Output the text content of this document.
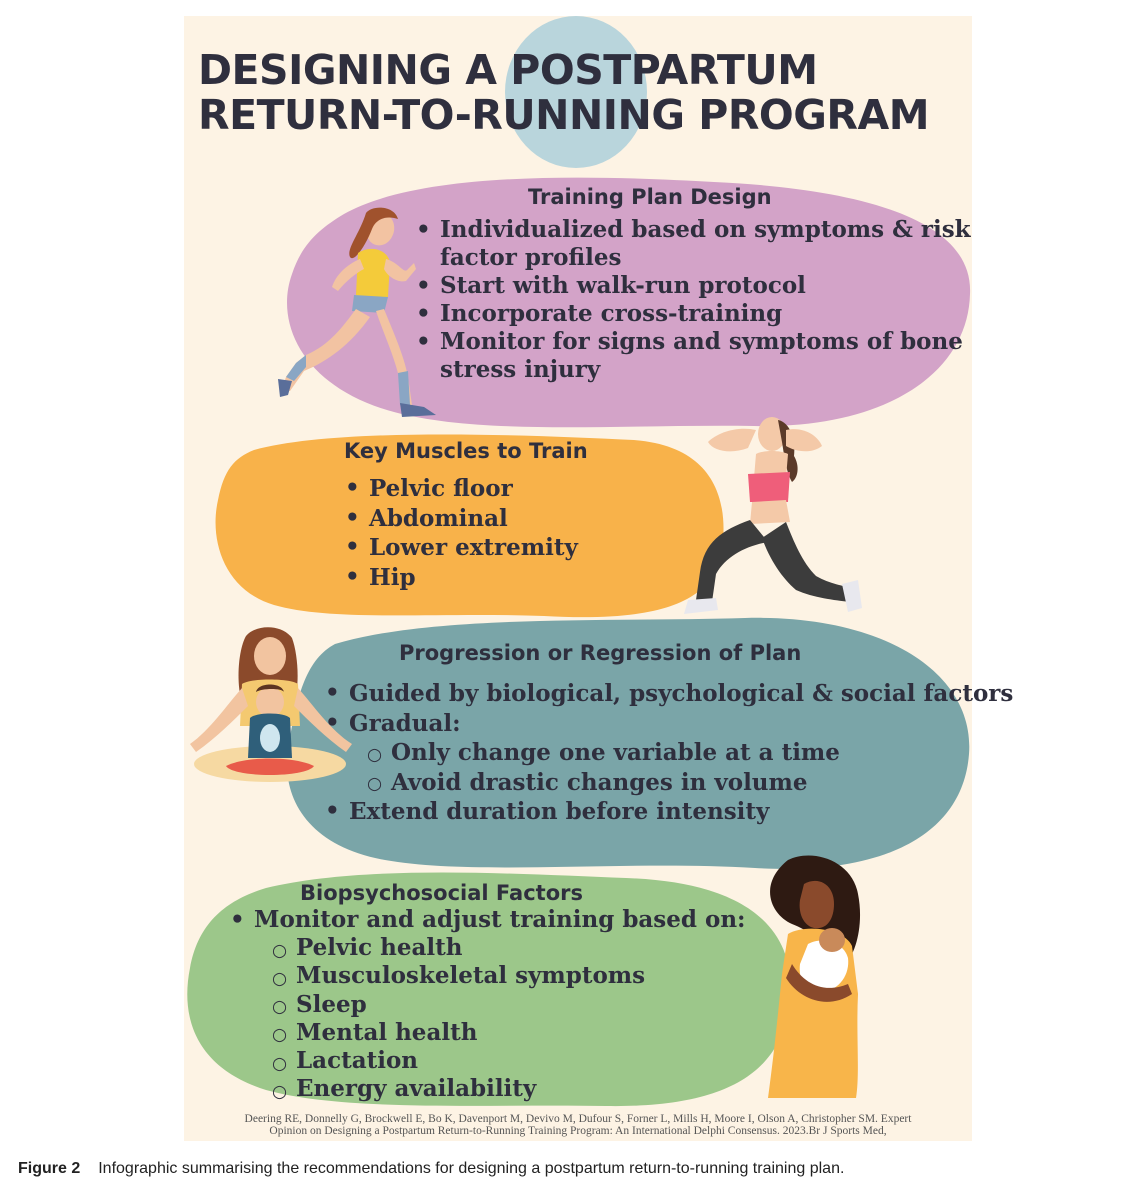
DESIGNING A POSTPARTUM
RETURN-TO-RUNNING PROGRAM
Training Plan Design
• Individualized based on symptoms & risk
factor profiles
• Start with walk-run protocol
• Incorporate cross-training
• Monitor for signs and symptoms of bone
stress injury
Key Muscles to Train
• Pelvic floor
• Abdominal
• Lower extremity
• Hip
Progression or Regression of Plan
• Guided by biological, psychological & social factors
• Gradual:
○ Only change one variable at a time
○ Avoid drastic changes in volume
• Extend duration before intensity
Biopsychosocial Factors
• Monitor and adjust training based on:
○ Pelvic health
○ Musculoskeletal symptoms
○ Sleep
○ Mental health
○ Lactation
○ Energy availability
Deering RE, Donnelly G, Brockwell E, Bo K, Davenport M, Devivo M, Dufour S, Forner L, Mills H, Moore I, Olson A, Christopher SM. Expert
Opinion on Designing a Postpartum Return-to-Running Training Program: An International Delphi Consensus. 2023.Br J Sports Med,
Figure 2 Infographic summarising the recommendations for designing a postpartum return-to-running training plan.
